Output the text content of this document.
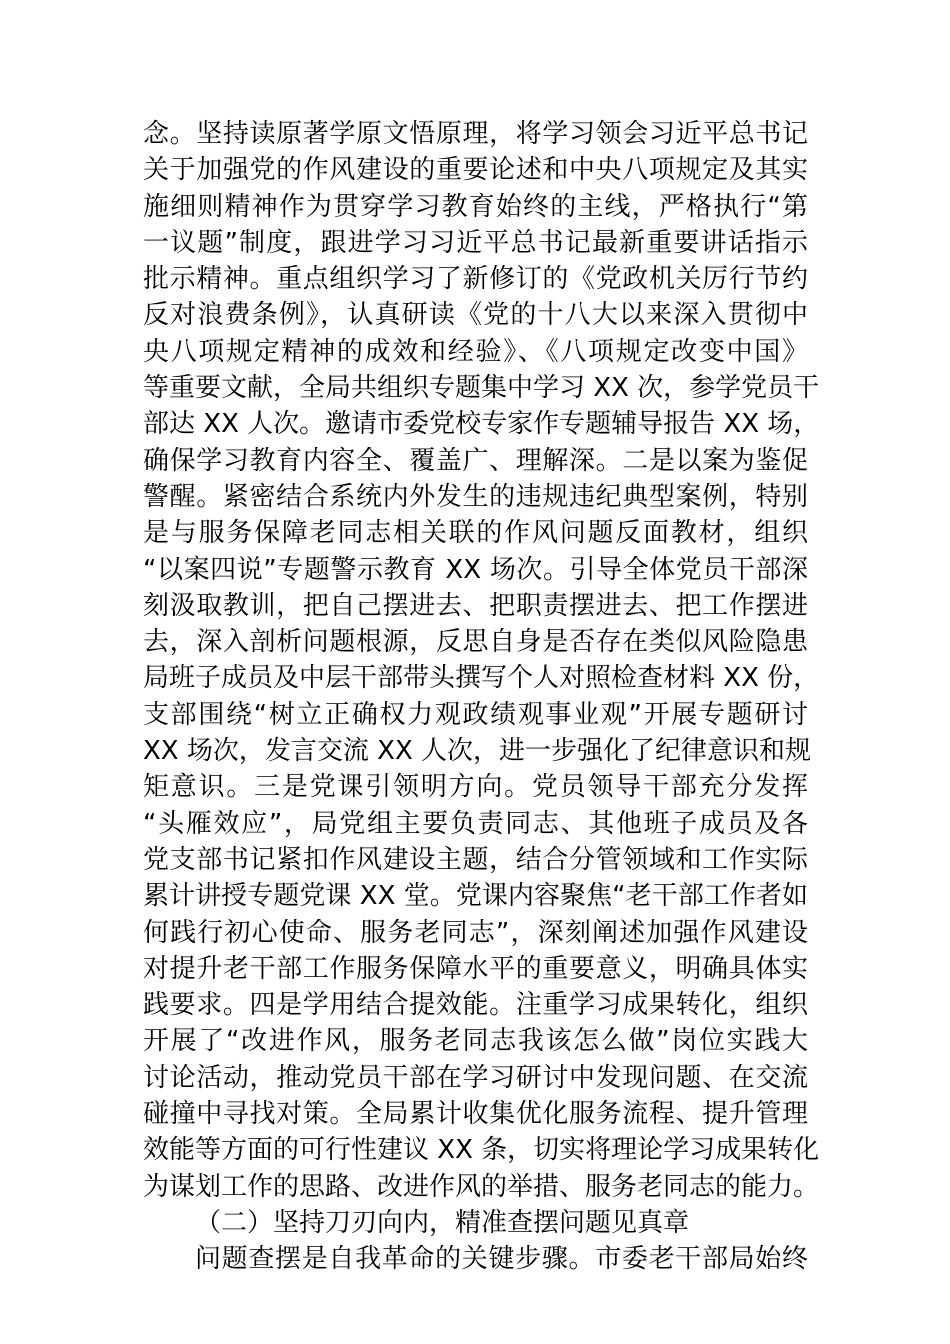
念。坚持读原著学原文悟原理，将学习领会习近平总书记
关于加强党的作风建设的重要论述和中央八项规定及其实
施细则精神作为贯穿学习教育始终的主线，严格执行“第
一议题”制度，跟进学习习近平总书记最新重要讲话指示
批示精神。重点组织学习了新修订的《党政机关厉行节约
反对浪费条例》，认真研读《党的十八大以来深入贯彻中
央八项规定精神的成效和经验》、《八项规定改变中国》
等重要文献，全局共组织专题集中学习 XX 次，参学党员干
部达 XX 人次。邀请市委党校专家作专题辅导报告 XX 场，
确保学习教育内容全、覆盖广、理解深。二是以案为鉴促
警醒。紧密结合系统内外发生的违规违纪典型案例，特别
是与服务保障老同志相关联的作风问题反面教材，组织
“以案四说”专题警示教育 XX 场次。引导全体党员干部深
刻汲取教训，把自己摆进去、把职责摆进去、把工作摆进
去，深入剖析问题根源，反思自身是否存在类似风险隐患
局班子成员及中层干部带头撰写个人对照检查材料 XX 份，
支部围绕“树立正确权力观政绩观事业观”开展专题研讨
XX 场次，发言交流 XX 人次，进一步强化了纪律意识和规
矩意识。三是党课引领明方向。党员领导干部充分发挥
“头雁效应”，局党组主要负责同志、其他班子成员及各
党支部书记紧扣作风建设主题，结合分管领域和工作实际
累计讲授专题党课 XX 堂。党课内容聚焦“老干部工作者如
何践行初心使命、服务老同志”，深刻阐述加强作风建设
对提升老干部工作服务保障水平的重要意义，明确具体实
践要求。四是学用结合提效能。注重学习成果转化，组织
开展了“改进作风，服务老同志我该怎么做”岗位实践大
讨论活动，推动党员干部在学习研讨中发现问题、在交流
碰撞中寻找对策。全局累计收集优化服务流程、提升管理
效能等方面的可行性建议 XX 条，切实将理论学习成果转化
为谋划工作的思路、改进作风的举措、服务老同志的能力。
（二）坚持刀刃向内，精准查摆问题见真章
问题查摆是自我革命的关键步骤。市委老干部局始终
